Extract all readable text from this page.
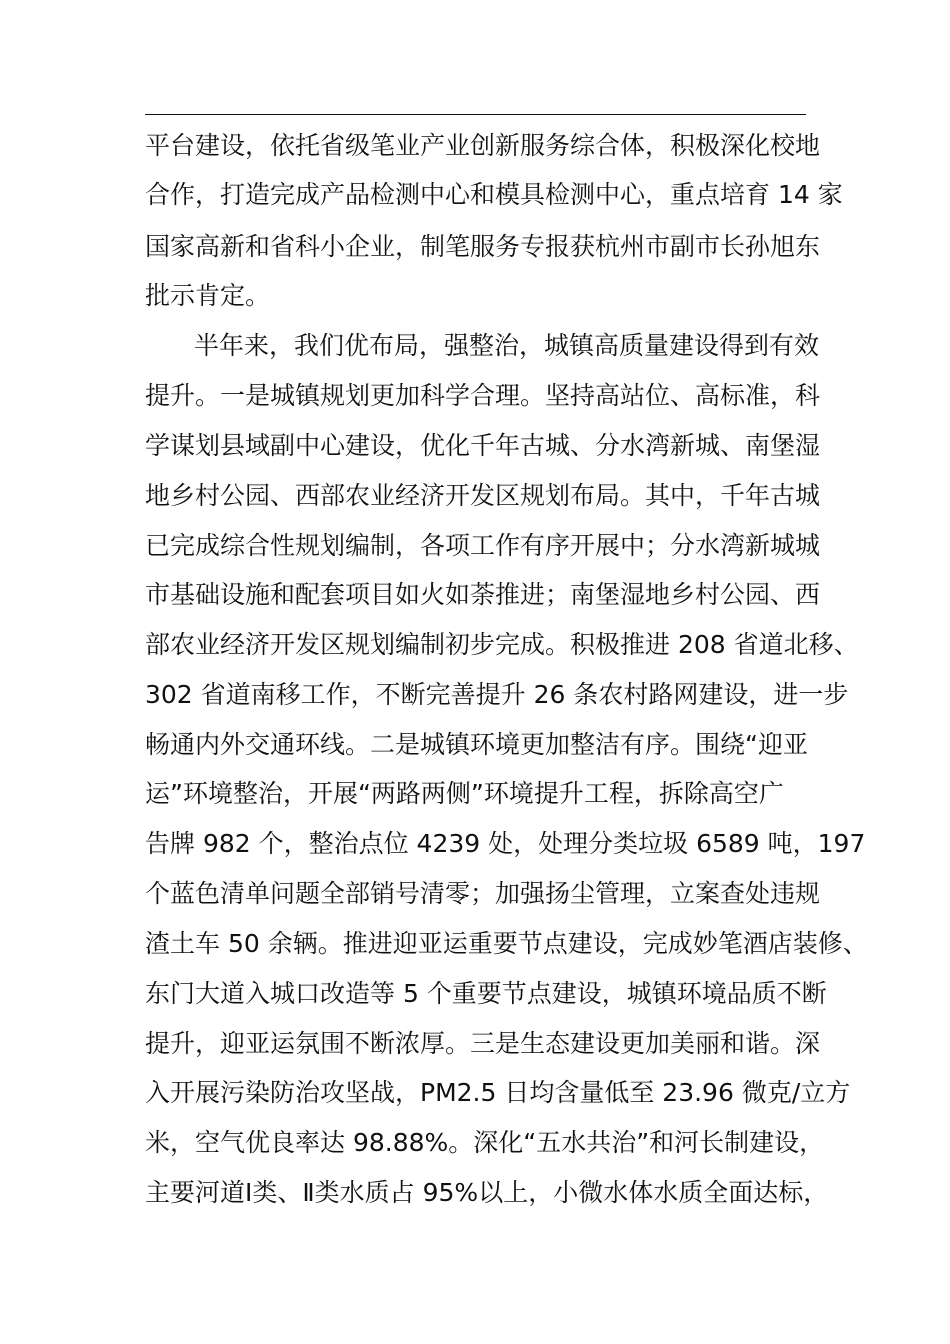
平台建设，依托省级笔业产业创新服务综合体，积极深化校地
合作，打造完成产品检测中心和模具检测中心，重点培育 14 家
国家高新和省科小企业，制笔服务专报获杭州市副市长孙旭东
批示肯定。
半年来，我们优布局，强整治，城镇高质量建设得到有效
提升。一是城镇规划更加科学合理。坚持高站位、高标准，科
学谋划县域副中心建设，优化千年古城、分水湾新城、南堡湿
地乡村公园、西部农业经济开发区规划布局。其中，千年古城
已完成综合性规划编制，各项工作有序开展中；分水湾新城城
市基础设施和配套项目如火如荼推进；南堡湿地乡村公园、西
部农业经济开发区规划编制初步完成。积极推进 208 省道北移、
302 省道南移工作，不断完善提升 26 条农村路网建设，进一步
畅通内外交通环线。二是城镇环境更加整洁有序。围绕“迎亚
运”环境整治，开展“两路两侧”环境提升工程，拆除高空广
告牌 982 个，整治点位 4239 处，处理分类垃圾 6589 吨，197
个蓝色清单问题全部销号清零；加强扬尘管理，立案查处违规
渣土车 50 余辆。推进迎亚运重要节点建设，完成妙笔酒店装修、
东门大道入城口改造等 5 个重要节点建设，城镇环境品质不断
提升，迎亚运氛围不断浓厚。三是生态建设更加美丽和谐。深
入开展污染防治攻坚战，PM2.5 日均含量低至 23.96 微克/立方
米，空气优良率达 98.88%。深化“五水共治”和河长制建设，
主要河道Ⅰ类、Ⅱ类水质占 95%以上，小微水体水质全面达标，
